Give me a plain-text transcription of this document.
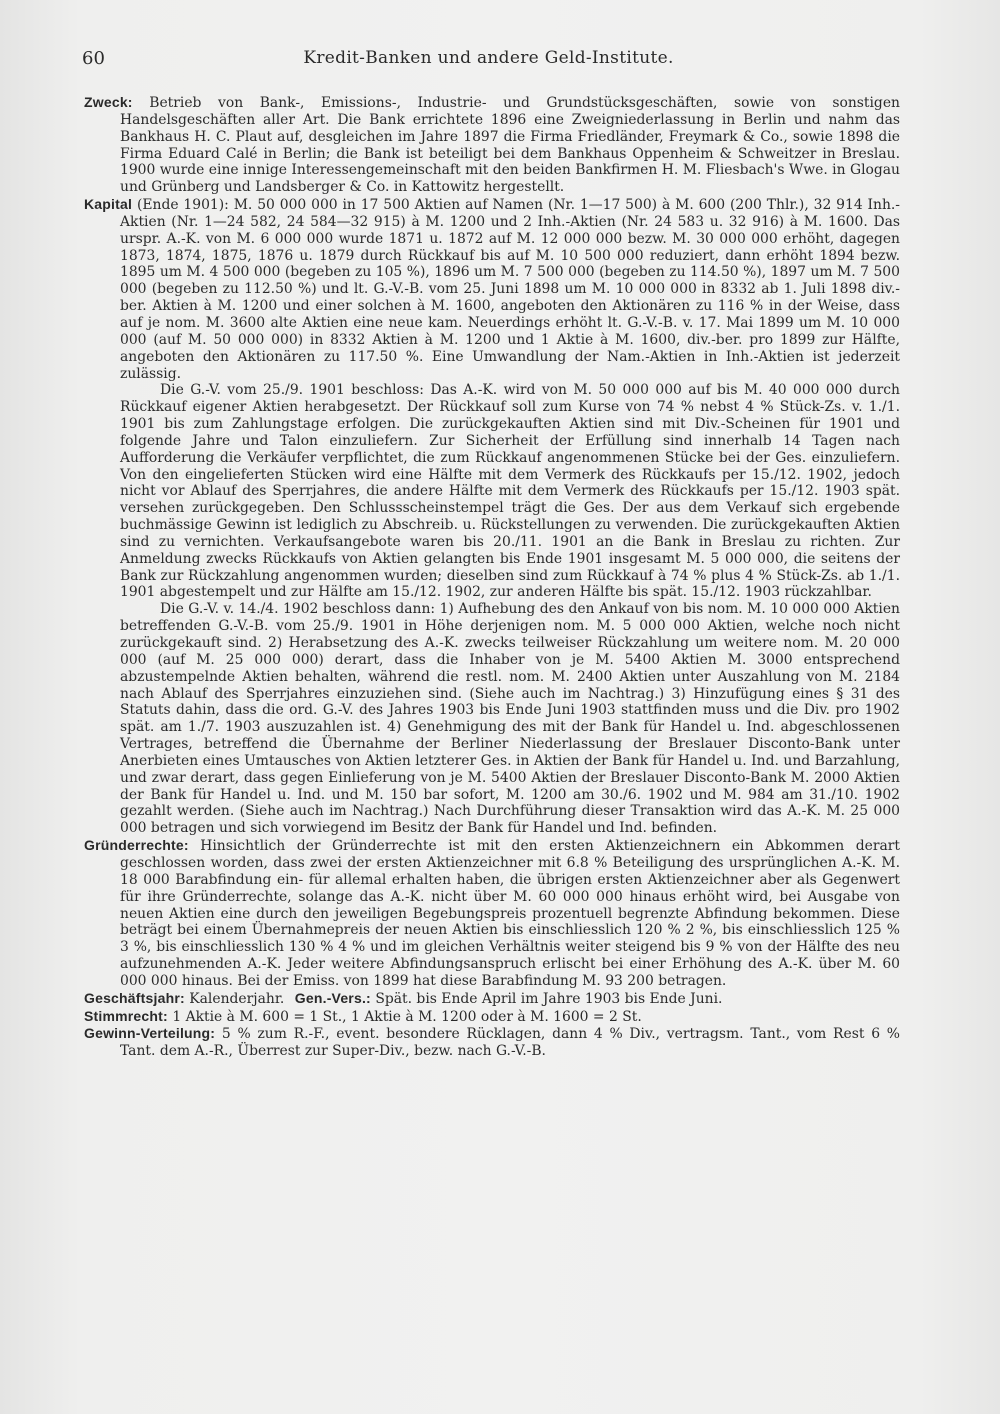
60	Kredit-Banken und andere Geld-Institute.

Zweck: Betrieb von Bank-, Emissions-, Industrie- und Grundstücksgeschäften, sowie von sonstigen Handelsgeschäften aller Art. Die Bank errichtete 1896 eine Zweigniederlassung in Berlin und nahm das Bankhaus H. C. Plaut auf, desgleichen im Jahre 1897 die Firma Friedländer, Freymark & Co., sowie 1898 die Firma Eduard Calé in Berlin; die Bank ist beteiligt bei dem Bankhaus Oppenheim & Schweitzer in Breslau. 1900 wurde eine innige Interessengemeinschaft mit den beiden Bankfirmen H. M. Fliesbach's Wwe. in Glogau und Grünberg und Landsberger & Co. in Kattowitz hergestellt.

Kapital (Ende 1901): M. 50 000 000 in 17 500 Aktien auf Namen (Nr. 1—17 500) à M. 600 (200 Thlr.), 32 914 Inh.-Aktien (Nr. 1—24 582, 24 584—32 915) à M. 1200 und 2 Inh.-Aktien (Nr. 24 583 u. 32 916) à M. 1600. Das urspr. A.-K. von M. 6 000 000 wurde 1871 u. 1872 auf M. 12 000 000 bezw. M. 30 000 000 erhöht, dagegen 1873, 1874, 1875, 1876 u. 1879 durch Rückkauf bis auf M. 10 500 000 reduziert, dann erhöht 1894 bezw. 1895 um M. 4 500 000 (begeben zu 105 %), 1896 um M. 7 500 000 (begeben zu 114.50 %), 1897 um M. 7 500 000 (begeben zu 112.50 %) und lt. G.-V.-B. vom 25. Juni 1898 um M. 10 000 000 in 8332 ab 1. Juli 1898 div.-ber. Aktien à M. 1200 und einer solchen à M. 1600, angeboten den Aktionären zu 116 % in der Weise, dass auf je nom. M. 3600 alte Aktien eine neue kam. Neuerdings erhöht lt. G.-V.-B. v. 17. Mai 1899 um M. 10 000 000 (auf M. 50 000 000) in 8332 Aktien à M. 1200 und 1 Aktie à M. 1600, div.-ber. pro 1899 zur Hälfte, angeboten den Aktionären zu 117.50 %. Eine Umwandlung der Nam.-Aktien in Inh.-Aktien ist jederzeit zulässig.

Die G.-V. vom 25./9. 1901 beschloss: Das A.-K. wird von M. 50 000 000 auf bis M. 40 000 000 durch Rückkauf eigener Aktien herabgesetzt. Der Rückkauf soll zum Kurse von 74 % nebst 4 % Stück-Zs. v. 1./1. 1901 bis zum Zahlungstage erfolgen. Die zurückgekauften Aktien sind mit Div.-Scheinen für 1901 und folgende Jahre und Talon einzuliefern. Zur Sicherheit der Erfüllung sind innerhalb 14 Tagen nach Aufforderung die Verkäufer verpflichtet, die zum Rückkauf angenommenen Stücke bei der Ges. einzuliefern. Von den eingelieferten Stücken wird eine Hälfte mit dem Vermerk des Rückkaufs per 15./12. 1902, jedoch nicht vor Ablauf des Sperrjahres, die andere Hälfte mit dem Vermerk des Rückkaufs per 15./12. 1903 spät. versehen zurückgegeben. Den Schlussscheinstempel trägt die Ges. Der aus dem Verkauf sich ergebende buchmässige Gewinn ist lediglich zu Abschreib. u. Rückstellungen zu verwenden. Die zurückgekauften Aktien sind zu vernichten. Verkaufsangebote waren bis 20./11. 1901 an die Bank in Breslau zu richten. Zur Anmeldung zwecks Rückkaufs von Aktien gelangten bis Ende 1901 insgesamt M. 5 000 000, die seitens der Bank zur Rückzahlung angenommen wurden; dieselben sind zum Rückkauf à 74 % plus 4 % Stück-Zs. ab 1./1. 1901 abgestempelt und zur Hälfte am 15./12. 1902, zur anderen Hälfte bis spät. 15./12. 1903 rückzahlbar.

Die G.-V. v. 14./4. 1902 beschloss dann: 1) Aufhebung des den Ankauf von bis nom. M. 10 000 000 Aktien betreffenden G.-V.-B. vom 25./9. 1901 in Höhe derjenigen nom. M. 5 000 000 Aktien, welche noch nicht zurückgekauft sind. 2) Herabsetzung des A.-K. zwecks teilweiser Rückzahlung um weitere nom. M. 20 000 000 (auf M. 25 000 000) derart, dass die Inhaber von je M. 5400 Aktien M. 3000 entsprechend abzustempelnde Aktien behalten, während die restl. nom. M. 2400 Aktien unter Auszahlung von M. 2184 nach Ablauf des Sperrjahres einzuziehen sind. (Siehe auch im Nachtrag.) 3) Hinzufügung eines § 31 des Statuts dahin, dass die ord. G.-V. des Jahres 1903 bis Ende Juni 1903 stattfinden muss und die Div. pro 1902 spät. am 1./7. 1903 auszuzahlen ist. 4) Genehmigung des mit der Bank für Handel u. Ind. abgeschlossenen Vertrages, betreffend die Übernahme der Berliner Niederlassung der Breslauer Disconto-Bank unter Anerbieten eines Umtausches von Aktien letzterer Ges. in Aktien der Bank für Handel u. Ind. und Barzahlung, und zwar derart, dass gegen Einlieferung von je M. 5400 Aktien der Breslauer Disconto-Bank M. 2000 Aktien der Bank für Handel u. Ind. und M. 150 bar sofort, M. 1200 am 30./6. 1902 und M. 984 am 31./10. 1902 gezahlt werden. (Siehe auch im Nachtrag.) Nach Durchführung dieser Transaktion wird das A.-K. M. 25 000 000 betragen und sich vorwiegend im Besitz der Bank für Handel und Ind. befinden.

Gründerrechte: Hinsichtlich der Gründerrechte ist mit den ersten Aktienzeichnern ein Abkommen derart geschlossen worden, dass zwei der ersten Aktienzeichner mit 6.8 % Beteiligung des ursprünglichen A.-K. M. 18 000 Barabfindung ein- für allemal erhalten haben, die übrigen ersten Aktienzeichner aber als Gegenwert für ihre Gründerrechte, solange das A.-K. nicht über M. 60 000 000 hinaus erhöht wird, bei Ausgabe von neuen Aktien eine durch den jeweiligen Begebungspreis prozentuell begrenzte Abfindung bekommen. Diese beträgt bei einem Übernahmepreis der neuen Aktien bis einschliesslich 120 % 2 %, bis einschliesslich 125 % 3 %, bis einschliesslich 130 % 4 % und im gleichen Verhältnis weiter steigend bis 9 % von der Hälfte des neu aufzunehmenden A.-K. Jeder weitere Abfindungsanspruch erlischt bei einer Erhöhung des A.-K. über M. 60 000 000 hinaus. Bei der Emiss. von 1899 hat diese Barabfindung M. 93 200 betragen.

Geschäftsjahr: Kalenderjahr. Gen.-Vers.: Spät. bis Ende April im Jahre 1903 bis Ende Juni.

Stimmrecht: 1 Aktie à M. 600 = 1 St., 1 Aktie à M. 1200 oder à M. 1600 = 2 St.

Gewinn-Verteilung: 5 % zum R.-F., event. besondere Rücklagen, dann 4 % Div., vertragsm. Tant., vom Rest 6 % Tant. dem A.-R., Überrest zur Super-Div., bezw. nach G.-V.-B.
